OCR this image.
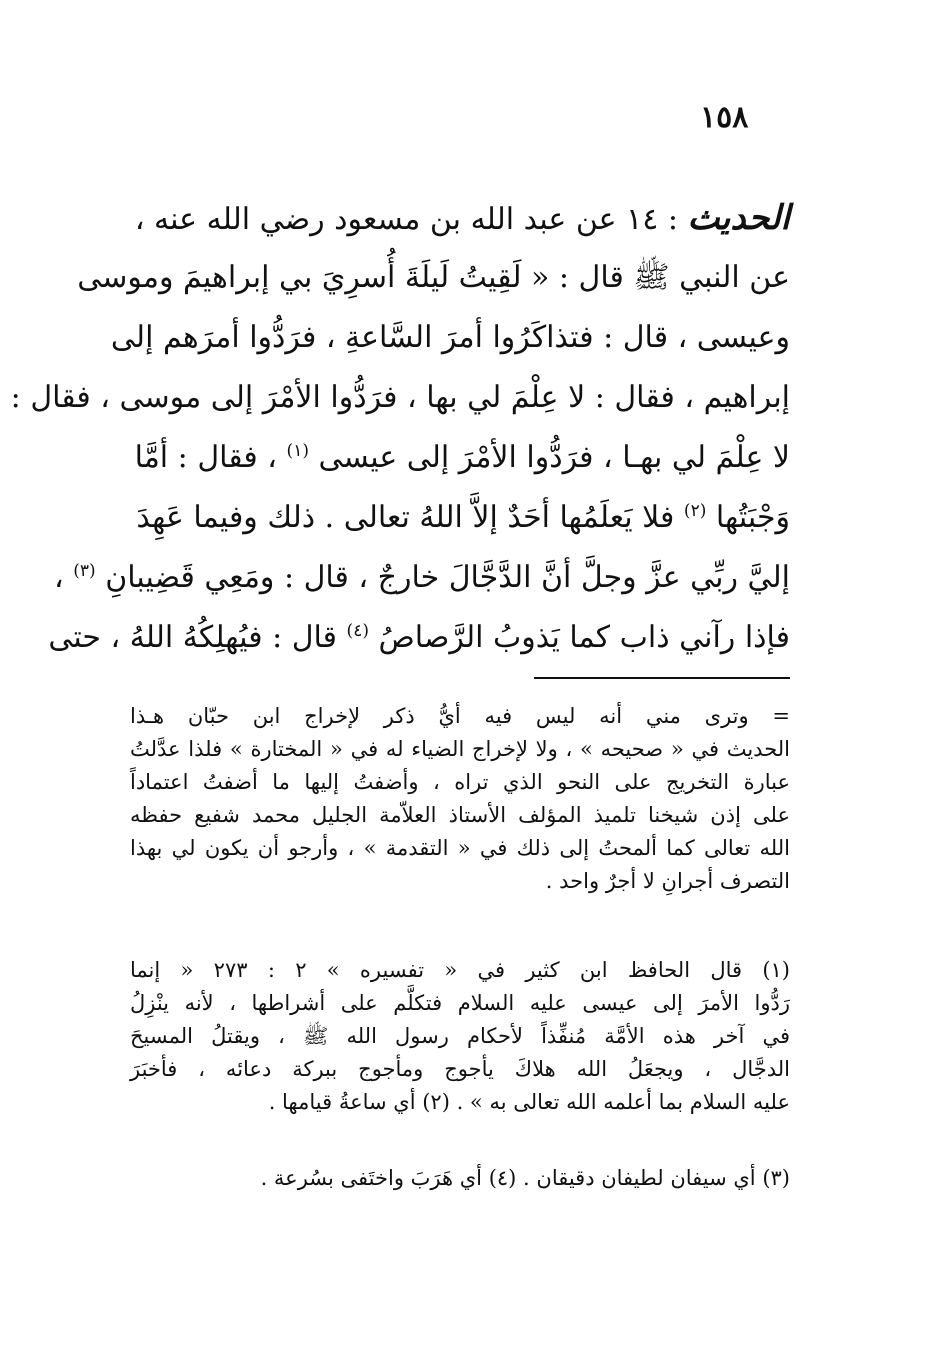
١٥٨
الحديث : ١٤ عن عبد الله بن مسعود رضي الله عنه ،
عن النبي ﷺ قال : « لَقِيتُ لَيلَةَ أُسرِيَ بي إبراهيمَ وموسى
وعيسى ، قال : فتذاكَرُوا أمرَ السَّاعةِ ، فرَدُّوا أمرَهم إلى
إبراهيم ، فقال : لا عِلْمَ لي بها ، فرَدُّوا الأمْرَ إلى موسى ، فقال :
لا عِلْمَ لي بهـا ، فرَدُّوا الأمْرَ إلى عيسى $^{(١)}$ ، فقال : أمَّا
وَجْبَتُها $^{(٢)}$ فلا يَعلَمُها أحَدٌ إلاَّ اللهُ تعالى . ذلك وفيما عَهِدَ
إليَّ ربِّي عزَّ وجلَّ أنَّ الدَّجَّالَ خارجٌ ، قال : ومَعِي قَضِيبانِ $^{(٣)}$ ،
فإذا رآني ذاب كما يَذوبُ الرَّصاصُ $^{(٤)}$ قال : فيُهلِكُهُ اللهُ ، حتى
= وترى مني أنه ليس فيه أيُّ ذكر لإخراج ابن حبّان هـذا
الحديث في « صحيحه » ، ولا لإخراج الضياء له في « المختارة » فلذا عدَّلتُ
عبارة التخريج على النحو الذي تراه ، وأضفتُ إليها ما أضفتُ اعتماداً
على إذن شيخنا تلميذ المؤلف الأستاذ العلاّمة الجليل محمد شفيع حفظه
الله تعالى كما ألمحتُ إلى ذلك في « التقدمة » ، وأرجو أن يكون لي بهذا
التصرف أجرانِ لا أجرٌ واحد .
(١) قال الحافظ ابن كثير في « تفسيره » ٢ : ٢٧٣ « إنما
رَدُّوا الأمرَ إلى عيسى عليه السلام فتكلَّم على أشراطها ، لأنه ينْزِلُ
في آخر هذه الأمَّة مُنفِّذاً لأحكام رسول الله ﷺ ، ويقتلُ المسيحَ
الدجَّال ، ويجعَلُ الله هلاكَ يأجوج ومأجوج ببركة دعائه ، فأخبَرَ
عليه السلام بما أعلمه الله تعالى به » . (٢) أي ساعةُ قيامها .
(٣) أي سيفان لطيفان دقيقان . (٤) أي هَرَبَ واختَفى بسُرعة .
